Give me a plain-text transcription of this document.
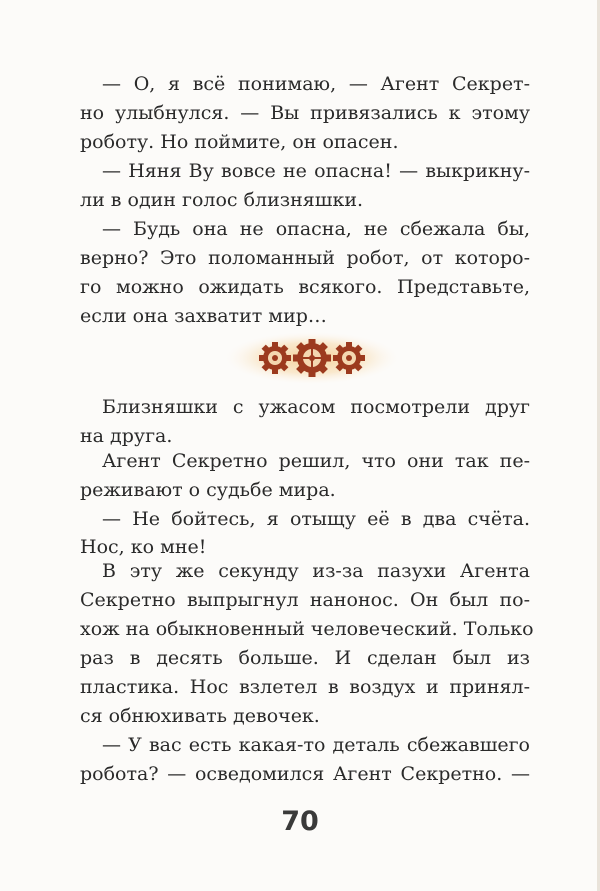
— О, я всё понимаю, — Агент Секрет-
но улыбнулся. — Вы привязались к этому
роботу. Но поймите, он опасен.
— Няня Ву вовсе не опасна! — выкрикну-
ли в один голос близняшки.
— Будь она не опасна, не сбежала бы,
верно? Это поломанный робот, от которо-
го можно ожидать всякого. Представьте,
если она захватит мир…
Близняшки с ужасом посмотрели друг
на друга.
Агент Секретно решил, что они так пе-
реживают о судьбе мира.
— Не бойтесь, я отыщу её в два счёта.
Нос, ко мне!
В эту же секунду из-за пазухи Агента
Секретно выпрыгнул нанонос. Он был по-
хож на обыкновенный человеческий. Только
раз в десять больше. И сделан был из
пластика. Нос взлетел в воздух и принял-
ся обнюхивать девочек.
— У вас есть какая-то деталь сбежавшего
робота? — осведомился Агент Секретно. —
70
